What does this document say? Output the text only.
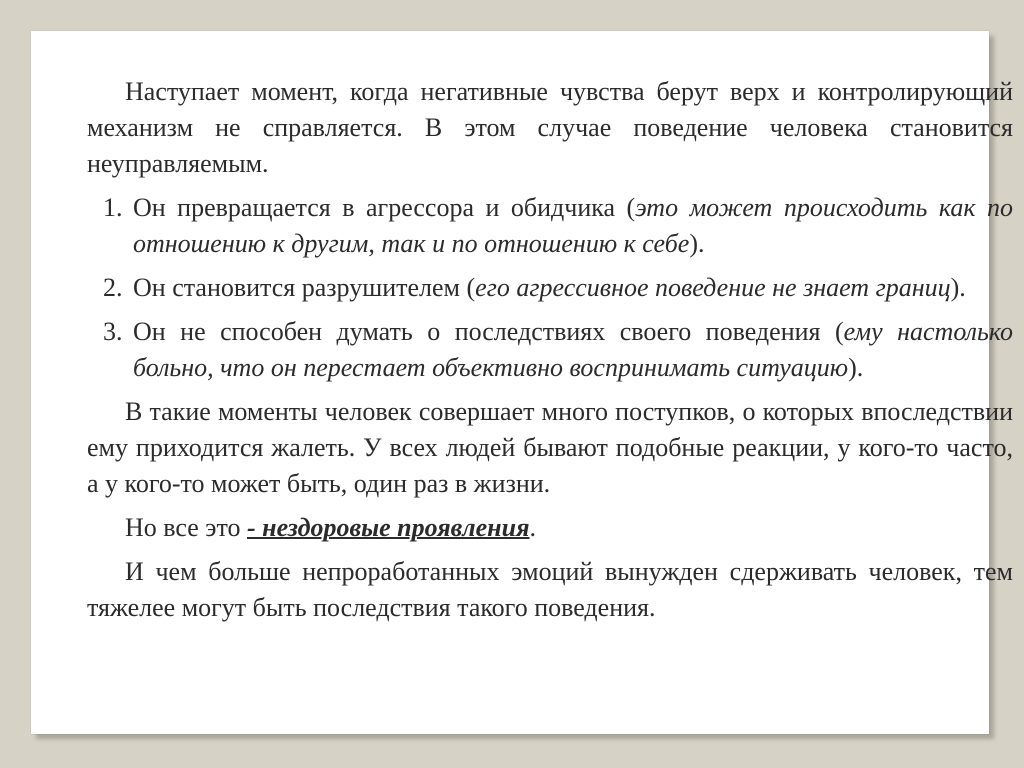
Наступает момент, когда негативные чувства берут верх и контролирующий механизм не справляется. В этом случае поведение человека становится неуправляемым.

1. Он превращается в агрессора и обидчика (это может происходить как по отношению к другим, так и по отношению к себе).

2. Он становится разрушителем (его агрессивное поведение не знает границ).

3. Он не способен думать о последствиях своего поведения (ему настолько больно, что он перестает объективно воспринимать ситуацию).

В такие моменты человек совершает много поступков, о которых впоследствии ему приходится жалеть. У всех людей бывают подобные реакции, у кого-то часто, а у кого-то может быть, один раз в жизни.

Но все это - нездоровые проявления.

И чем больше непроработанных эмоций вынужден сдерживать человек, тем тяжелее могут быть последствия такого поведения.
